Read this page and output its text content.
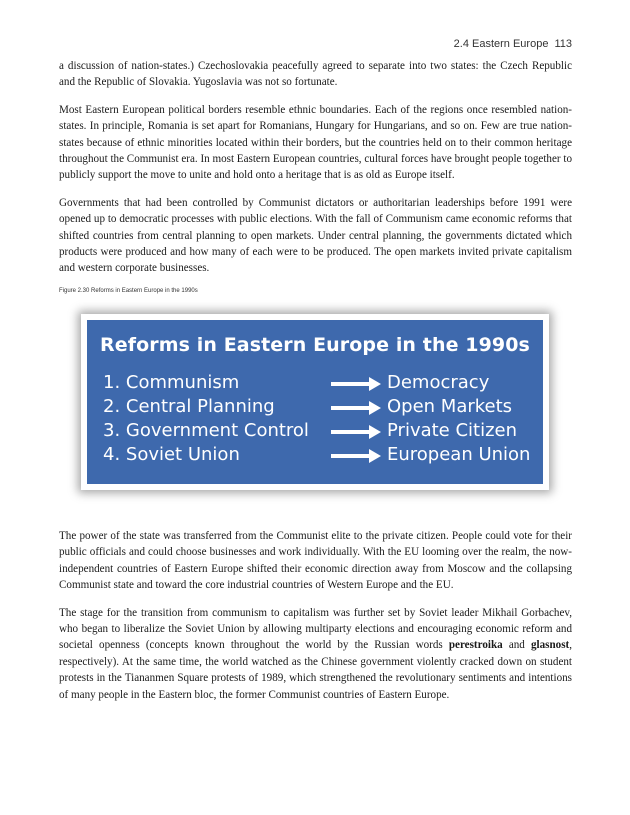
2.4 Eastern Europe 113

a discussion of nation-states.) Czechoslovakia peacefully agreed to separate into two states: the Czech Republic and the Republic of Slovakia. Yugoslavia was not so fortunate.

Most Eastern European political borders resemble ethnic boundaries. Each of the regions once resembled nation-states. In principle, Romania is set apart for Romanians, Hungary for Hungarians, and so on. Few are true nation-states because of ethnic minorities located within their borders, but the countries held on to their common heritage throughout the Communist era. In most Eastern European countries, cultural forces have brought people together to publicly support the move to unite and hold onto a heritage that is as old as Europe itself.

Governments that had been controlled by Communist dictators or authoritarian leaderships before 1991 were opened up to democratic processes with public elections. With the fall of Communism came economic reforms that shifted countries from central planning to open markets. Under central planning, the governments dictated which products were produced and how many of each were to be produced. The open markets invited private capitalism and western corporate businesses.

Figure 2.30 Reforms in Eastern Europe in the 1990s
Reforms in Eastern Europe in the 1990s
1. Communism	Democracy
2. Central Planning	Open Markets
3. Government Control	Private Citizen
4. Soviet Union	European Union

The power of the state was transferred from the Communist elite to the private citizen. People could vote for their public officials and could choose businesses and work individually. With the EU looming over the realm, the now-independent countries of Eastern Europe shifted their economic direction away from Moscow and the collapsing Communist state and toward the core industrial countries of Western Europe and the EU.

The stage for the transition from communism to capitalism was further set by Soviet leader Mikhail Gorbachev, who began to liberalize the Soviet Union by allowing multiparty elections and encouraging economic reform and societal openness (concepts known throughout the world by the Russian words perestroika and glasnost, respectively). At the same time, the world watched as the Chinese government violently cracked down on student protests in the Tiananmen Square protests of 1989, which strengthened the revolutionary sentiments and intentions of many people in the Eastern bloc, the former Communist countries of Eastern Europe.
